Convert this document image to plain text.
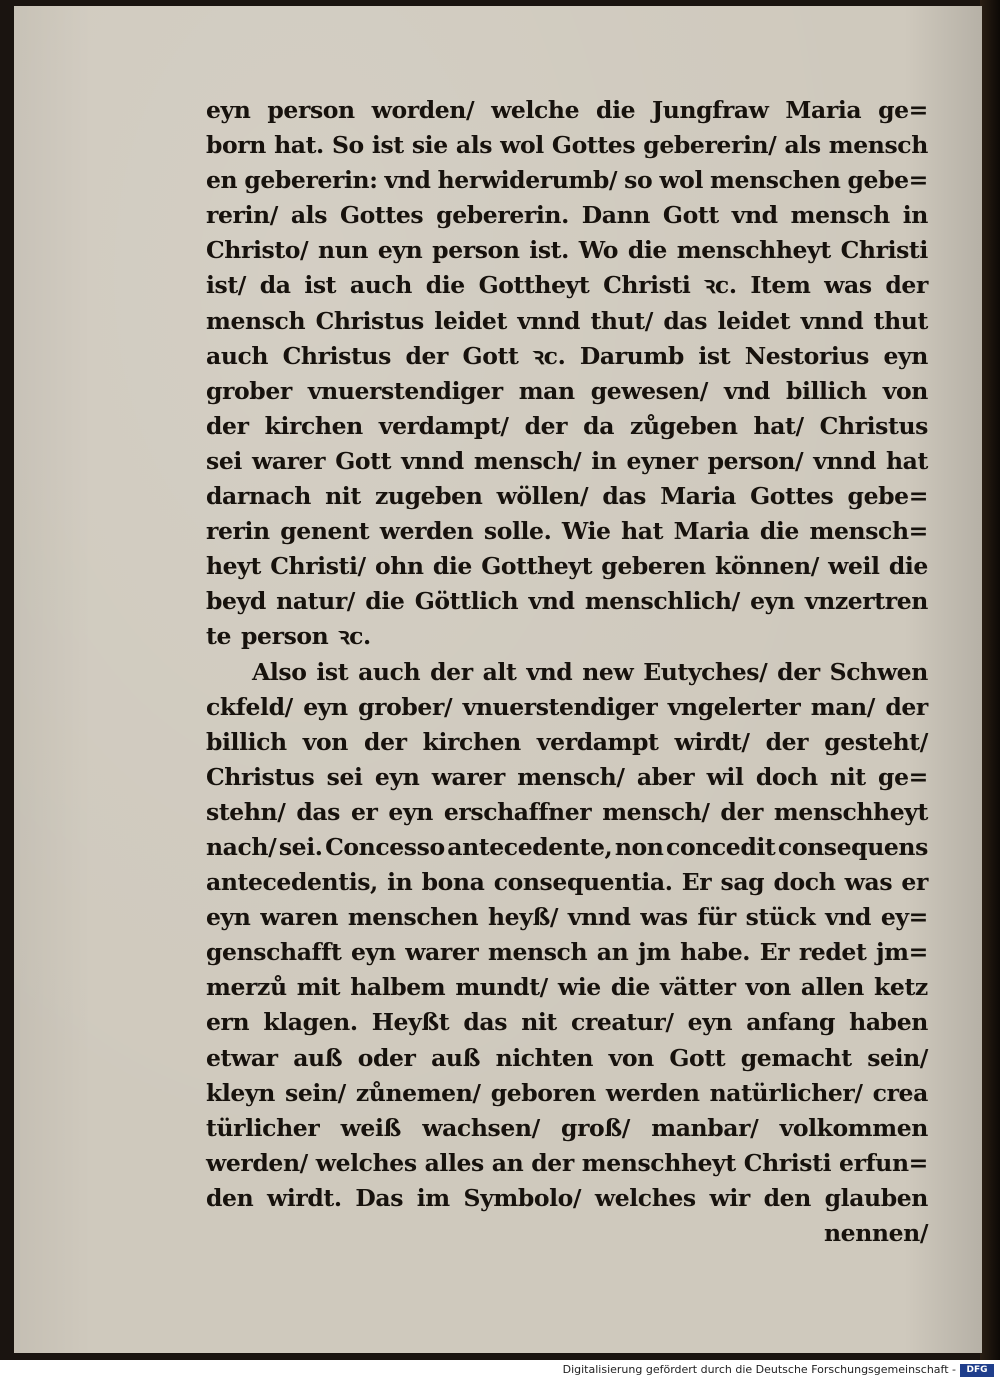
eyn person worden/ welche die Jungfraw Maria ge=
born hat. So ist sie als wol Gottes gebererin/ als mensch
en gebererin: vnd herwiderumb/ so wol menschen gebe=
rerin/ als Gottes gebererin. Dann Gott vnd mensch in
Christo/ nun eyn person ist. Wo die menschheyt Christi
ist/ da ist auch die Gottheyt Christi ꝛc. Item was der
mensch Christus leidet vnnd thut/ das leidet vnnd thut
auch Christus der Gott ꝛc. Darumb ist Nestorius eyn
grober vnuerstendiger man gewesen/ vnd billich von
der kirchen verdampt/ der da zůgeben hat/ Christus
sei warer Gott vnnd mensch/ in eyner person/ vnnd hat
darnach nit zugeben wöllen/ das Maria Gottes gebe=
rerin genent werden solle. Wie hat Maria die mensch=
heyt Christi/ ohn die Gottheyt geberen können/ weil die
beyd natur/ die Göttlich vnd menschlich/ eyn vnzertren
te person ꝛc.
Also ist auch der alt vnd new Eutyches/ der Schwen
ckfeld/ eyn grober/ vnuerstendiger vngelerter man/ der
billich von der kirchen verdampt wirdt/ der gesteht/
Christus sei eyn warer mensch/ aber wil doch nit ge=
stehn/ das er eyn erschaffner mensch/ der menschheyt
nach/ sei. Concesso antecedente, non concedit consequens
antecedentis, in bona consequentia. Er sag doch was er
eyn waren menschen heyß/ vnnd was für stück vnd ey=
genschafft eyn warer mensch an jm habe. Er redet jm=
merzů mit halbem mundt/ wie die vätter von allen ketz
ern klagen. Heyßt das nit creatur/ eyn anfang haben
etwar auß oder auß nichten von Gott gemacht sein/
kleyn sein/ zůnemen/ geboren werden natürlicher/ crea
türlicher weiß wachsen/ groß/ manbar/ volkommen
werden/ welches alles an der menschheyt Christi erfun=
den wirdt. Das im Symbolo/ welches wir den glauben
nennen/
Digitalisierung gefördert durch die Deutsche Forschungsgemeinschaft -	DFG
